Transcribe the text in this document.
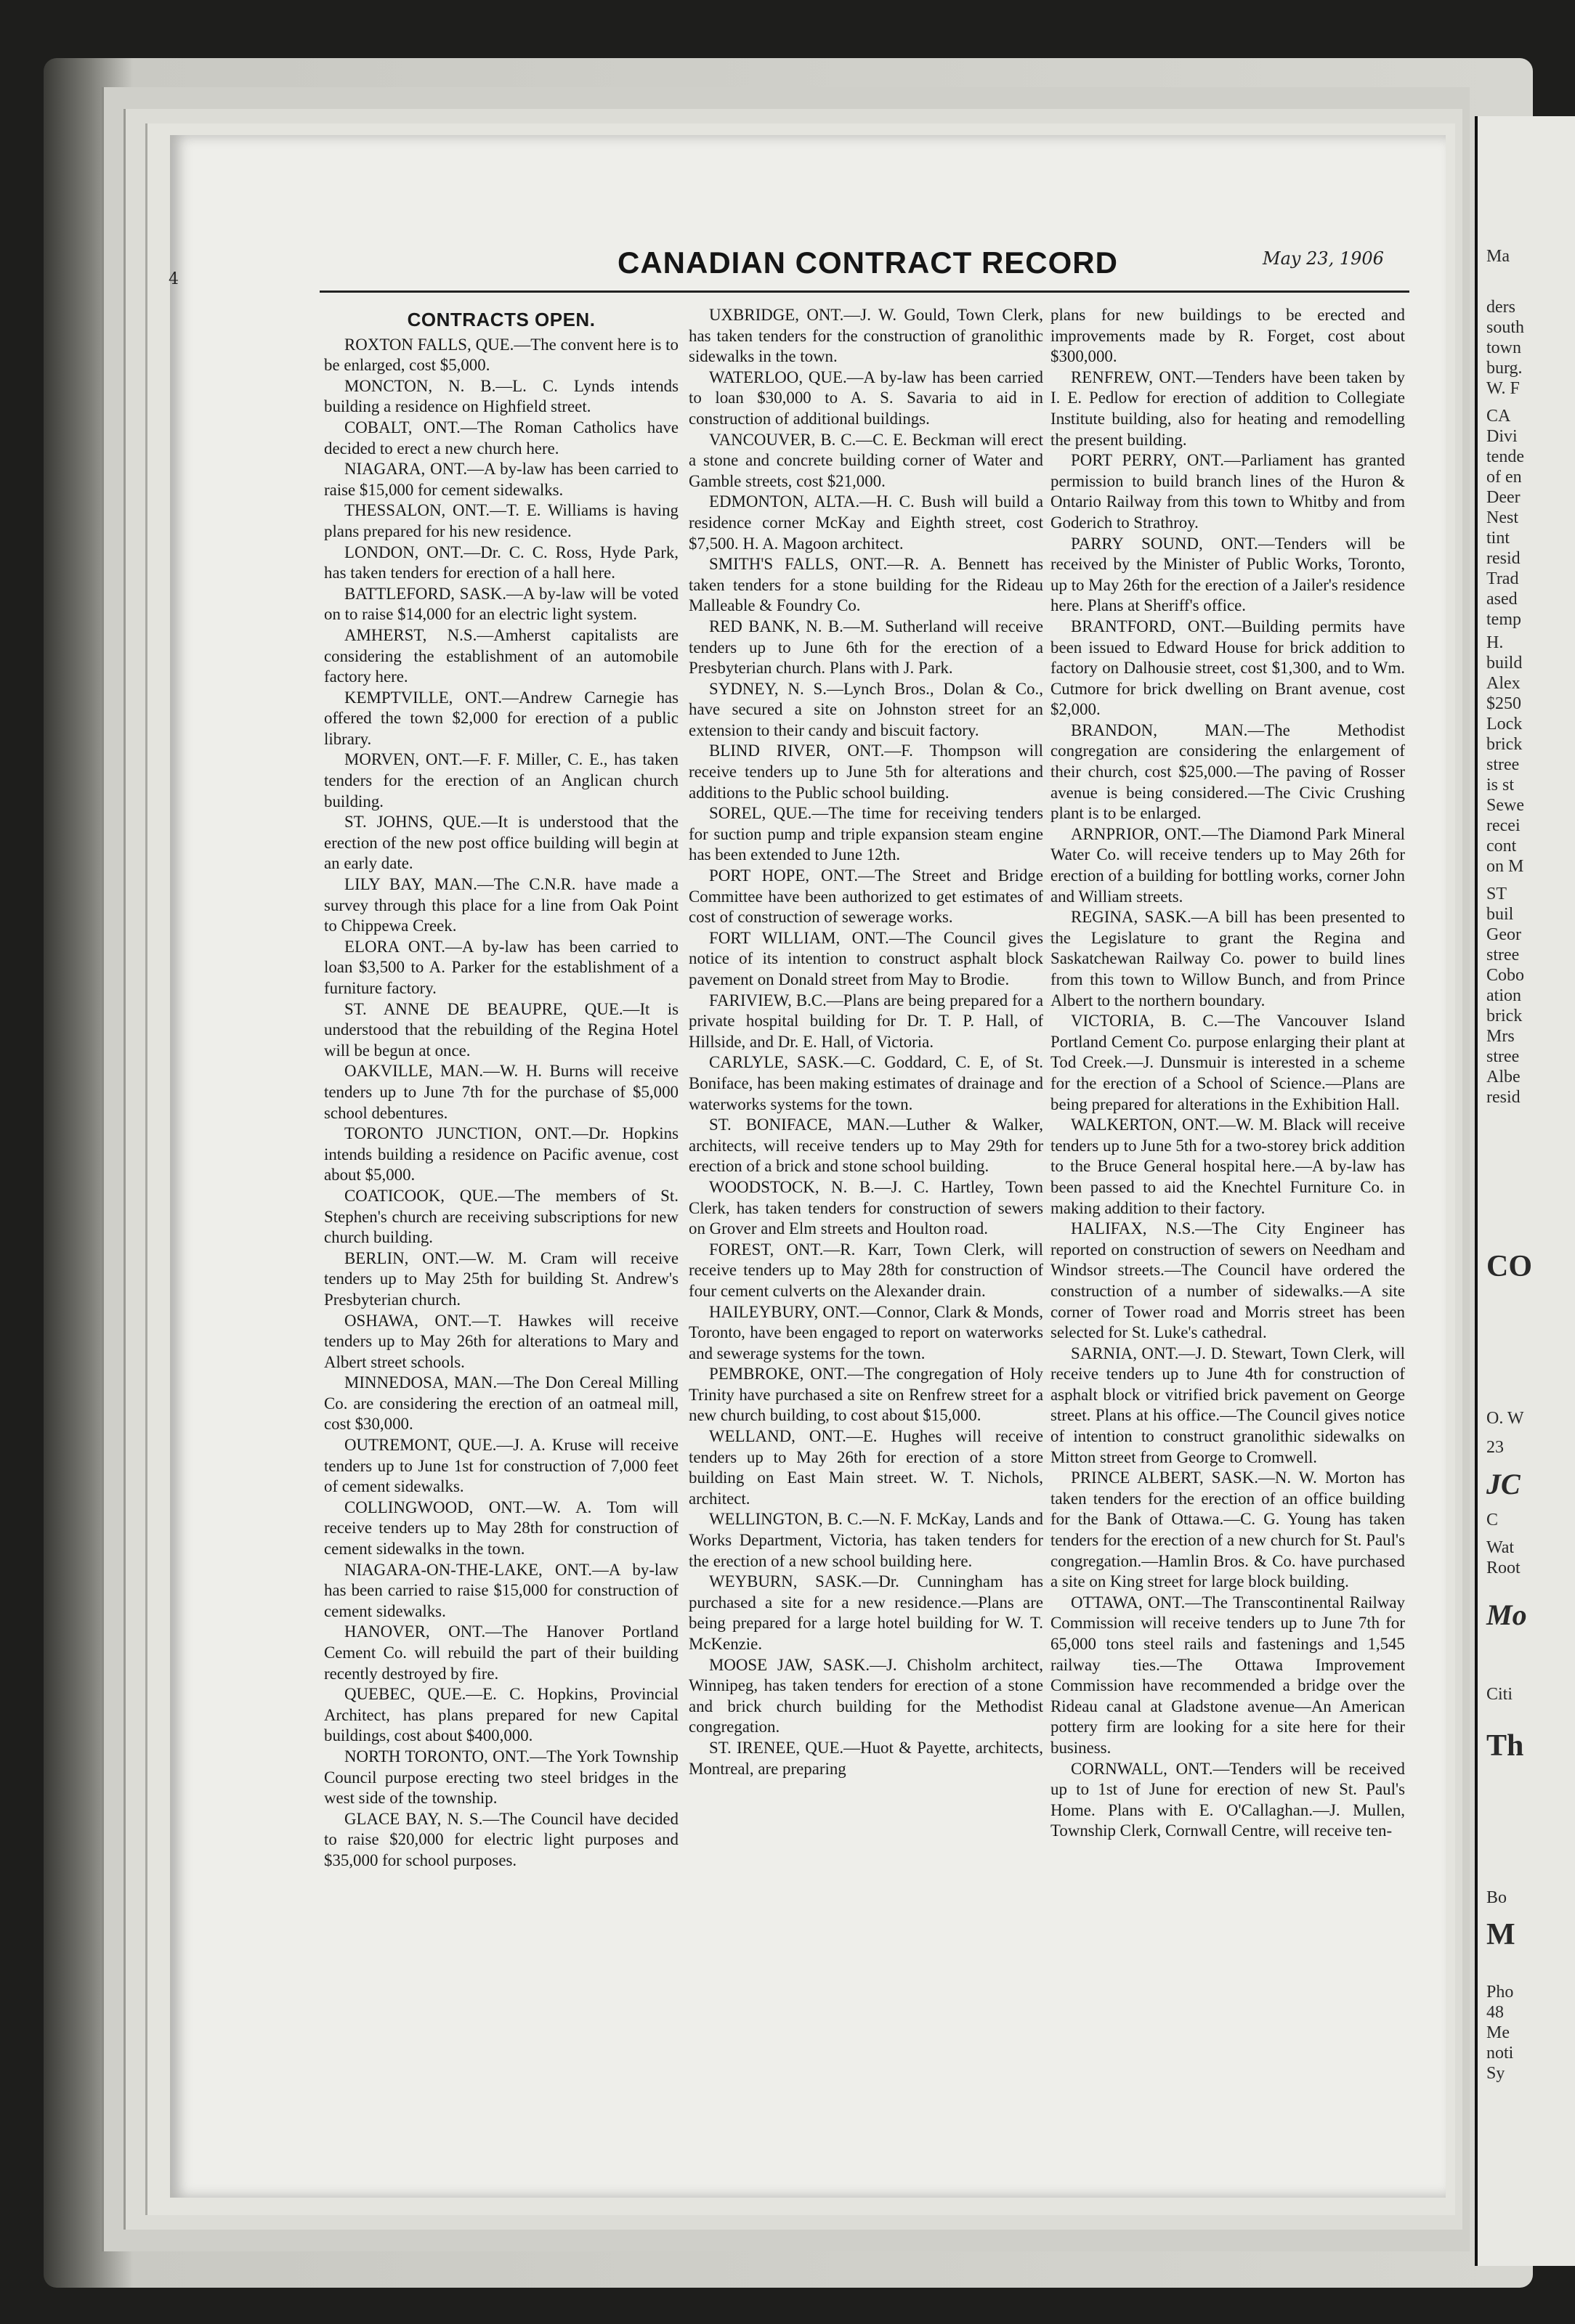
4	CANADIAN CONTRACT RECORD	May 23, 1906
CONTRACTS OPEN.

ROXTON FALLS, QUE.—The convent here is to be enlarged, cost $5,000.

MONCTON, N. B.—L. C. Lynds intends building a residence on Highfield street.

COBALT, ONT.—The Roman Catholics have decided to erect a new church here.

NIAGARA, ONT.—A by-law has been carried to raise $15,000 for cement sidewalks.

THESSALON, ONT.—T. E. Williams is having plans prepared for his new residence.

LONDON, ONT.—Dr. C. C. Ross, Hyde Park, has taken tenders for erection of a hall here.

BATTLEFORD, SASK.—A by-law will be voted on to raise $14,000 for an electric light system.

AMHERST, N.S.—Amherst capitalists are considering the establishment of an automobile factory here.

KEMPTVILLE, ONT.—Andrew Carnegie has offered the town $2,000 for erection of a public library.

MORVEN, ONT.—F. F. Miller, C. E., has taken tenders for the erection of an Anglican church building.

ST. JOHNS, QUE.—It is understood that the erection of the new post office building will begin at an early date.

LILY BAY, MAN.—The C.N.R. have made a survey through this place for a line from Oak Point to Chippewa Creek.

ELORA ONT.—A by-law has been carried to loan $3,500 to A. Parker for the establishment of a furniture factory.

ST. ANNE DE BEAUPRE, QUE.—It is understood that the rebuilding of the Regina Hotel will be begun at once.

OAKVILLE, MAN.—W. H. Burns will receive tenders up to June 7th for the purchase of $5,000 school debentures.

TORONTO JUNCTION, ONT.—Dr. Hopkins intends building a residence on Pacific avenue, cost about $5,000.

COATICOOK, QUE.—The members of St. Stephen's church are receiving subscriptions for new church building.

BERLIN, ONT.—W. M. Cram will receive tenders up to May 25th for building St. Andrew's Presbyterian church.

OSHAWA, ONT.—T. Hawkes will receive tenders up to May 26th for alterations to Mary and Albert street schools.

MINNEDOSA, MAN.—The Don Cereal Milling Co. are considering the erection of an oatmeal mill, cost $30,000.

OUTREMONT, QUE.—J. A. Kruse will receive tenders up to June 1st for construction of 7,000 feet of cement sidewalks.

COLLINGWOOD, ONT.—W. A. Tom will receive tenders up to May 28th for construction of cement sidewalks in the town.

NIAGARA-ON-THE-LAKE, ONT.—A by-law has been carried to raise $15,000 for construction of cement sidewalks.

HANOVER, ONT.—The Hanover Portland Cement Co. will rebuild the part of their building recently destroyed by fire.

QUEBEC, QUE.—E. C. Hopkins, Provincial Architect, has plans prepared for new Capital buildings, cost about $400,000.

NORTH TORONTO, ONT.—The York Township Council purpose erecting two steel bridges in the west side of the township.

GLACE BAY, N. S.—The Council have decided to raise $20,000 for electric light purposes and $35,000 for school purposes.

UXBRIDGE, ONT.—J. W. Gould, Town Clerk, has taken tenders for the construction of granolithic sidewalks in the town.

WATERLOO, QUE.—A by-law has been carried to loan $30,000 to A. S. Savaria to aid in construction of additional buildings.

VANCOUVER, B. C.—C. E. Beckman will erect a stone and concrete building corner of Water and Gamble streets, cost $21,000.

EDMONTON, ALTA.—H. C. Bush will build a residence corner McKay and Eighth street, cost $7,500. H. A. Magoon architect.

SMITH'S FALLS, ONT.—R. A. Bennett has taken tenders for a stone building for the Rideau Malleable & Foundry Co.

RED BANK, N. B.—M. Sutherland will receive tenders up to June 6th for the erection of a Presbyterian church. Plans with J. Park.

SYDNEY, N. S.—Lynch Bros., Dolan & Co., have secured a site on Johnston street for an extension to their candy and biscuit factory.

BLIND RIVER, ONT.—F. Thompson will receive tenders up to June 5th for alterations and additions to the Public school building.

SOREL, QUE.—The time for receiving tenders for suction pump and triple expansion steam engine has been extended to June 12th.

PORT HOPE, ONT.—The Street and Bridge Committee have been authorized to get estimates of cost of construction of sewerage works.

FORT WILLIAM, ONT.—The Council gives notice of its intention to construct asphalt block pavement on Donald street from May to Brodie.

FARIVIEW, B.C.—Plans are being prepared for a private hospital building for Dr. T. P. Hall, of Hillside, and Dr. E. Hall, of Victoria.

CARLYLE, SASK.—C. Goddard, C. E, of St. Boniface, has been making estimates of drainage and waterworks systems for the town.

ST. BONIFACE, MAN.—Luther & Walker, architects, will receive tenders up to May 29th for erection of a brick and stone school building.

WOODSTOCK, N. B.—J. C. Hartley, Town Clerk, has taken tenders for construction of sewers on Grover and Elm streets and Houlton road.

FOREST, ONT.—R. Karr, Town Clerk, will receive tenders up to May 28th for construction of four cement culverts on the Alexander drain.

HAILEYBURY, ONT.—Connor, Clark & Monds, Toronto, have been engaged to report on waterworks and sewerage systems for the town.

PEMBROKE, ONT.—The congregation of Holy Trinity have purchased a site on Renfrew street for a new church building, to cost about $15,000.

WELLAND, ONT.—E. Hughes will receive tenders up to May 26th for erection of a store building on East Main street. W. T. Nichols, architect.

WELLINGTON, B. C.—N. F. McKay, Lands and Works Department, Victoria, has taken tenders for the erection of a new school building here.

WEYBURN, SASK.—Dr. Cunningham has purchased a site for a new residence.—Plans are being prepared for a large hotel building for W. T. McKenzie.

MOOSE JAW, SASK.—J. Chisholm architect, Winnipeg, has taken tenders for erection of a stone and brick church building for the Methodist congregation.

ST. IRENEE, QUE.—Huot & Payette, architects, Montreal, are preparing

plans for new buildings to be erected and improvements made by R. Forget, cost about $300,000.

RENFREW, ONT.—Tenders have been taken by I. E. Pedlow for erection of addition to Collegiate Institute building, also for heating and remodelling the present building.

PORT PERRY, ONT.—Parliament has granted permission to build branch lines of the Huron & Ontario Railway from this town to Whitby and from Goderich to Strathroy.

PARRY SOUND, ONT.—Tenders will be received by the Minister of Public Works, Toronto, up to May 26th for the erection of a Jailer's residence here. Plans at Sheriff's office.

BRANTFORD, ONT.—Building permits have been issued to Edward House for brick addition to factory on Dalhousie street, cost $1,300, and to Wm. Cutmore for brick dwelling on Brant avenue, cost $2,000.

BRANDON, MAN.—The Methodist congregation are considering the enlargement of their church, cost $25,000.—The paving of Rosser avenue is being considered.—The Civic Crushing plant is to be enlarged.

ARNPRIOR, ONT.—The Diamond Park Mineral Water Co. will receive tenders up to May 26th for erection of a building for bottling works, corner John and William streets.

REGINA, SASK.—A bill has been presented to the Legislature to grant the Regina and Saskatchewan Railway Co. power to build lines from this town to Willow Bunch, and from Prince Albert to the northern boundary.

VICTORIA, B. C.—The Vancouver Island Portland Cement Co. purpose enlarging their plant at Tod Creek.—J. Dunsmuir is interested in a scheme for the erection of a School of Science.—Plans are being prepared for alterations in the Exhibition Hall.

WALKERTON, ONT.—W. M. Black will receive tenders up to June 5th for a two-storey brick addition to the Bruce General hospital here.—A by-law has been passed to aid the Knechtel Furniture Co. in making addition to their factory.

HALIFAX, N.S.—The City Engineer has reported on construction of sewers on Needham and Windsor streets.—The Council have ordered the construction of a number of sidewalks.—A site corner of Tower road and Morris street has been selected for St. Luke's cathedral.

SARNIA, ONT.—J. D. Stewart, Town Clerk, will receive tenders up to June 4th for construction of asphalt block or vitrified brick pavement on George street. Plans at his office.—The Council gives notice of intention to construct granolithic sidewalks on Mitton street from George to Cromwell.

PRINCE ALBERT, SASK.—N. W. Morton has taken tenders for the erection of an office building for the Bank of Ottawa.—C. G. Young has taken tenders for the erection of a new church for St. Paul's congregation.—Hamlin Bros. & Co. have purchased a site on King street for large block building.

OTTAWA, ONT.—The Transcontinental Railway Commission will receive tenders up to June 7th for 65,000 tons steel rails and fastenings and 1,545 railway ties.—The Ottawa Improvement Commission have recommended a bridge over the Rideau canal at Gladstone avenue—An American pottery firm are looking for a site here for their business.

CORNWALL, ONT.—Tenders will be received up to 1st of June for erection of new St. Paul's Home. Plans with E. O'Callaghan.—J. Mullen, Township Clerk, Cornwall Centre, will receive ten-

Ma
ders
south
town
burg.
W. F
CA
Divi
tende
of en
Deer
Nest
tint
resid
Trad
ased
temp
H.
build
Alex
$250
Lock
brick
stree
is st
Sewe
recei
cont
on M
ST
buil
Geor
stree
Cobo
ation
brick
Mrs
stree
Albe
resid
CO
O. W
23
JC
C
Wat
Root
Mo
Citi
Th
Bo
M
Pho
48
Me
noti
Sy
